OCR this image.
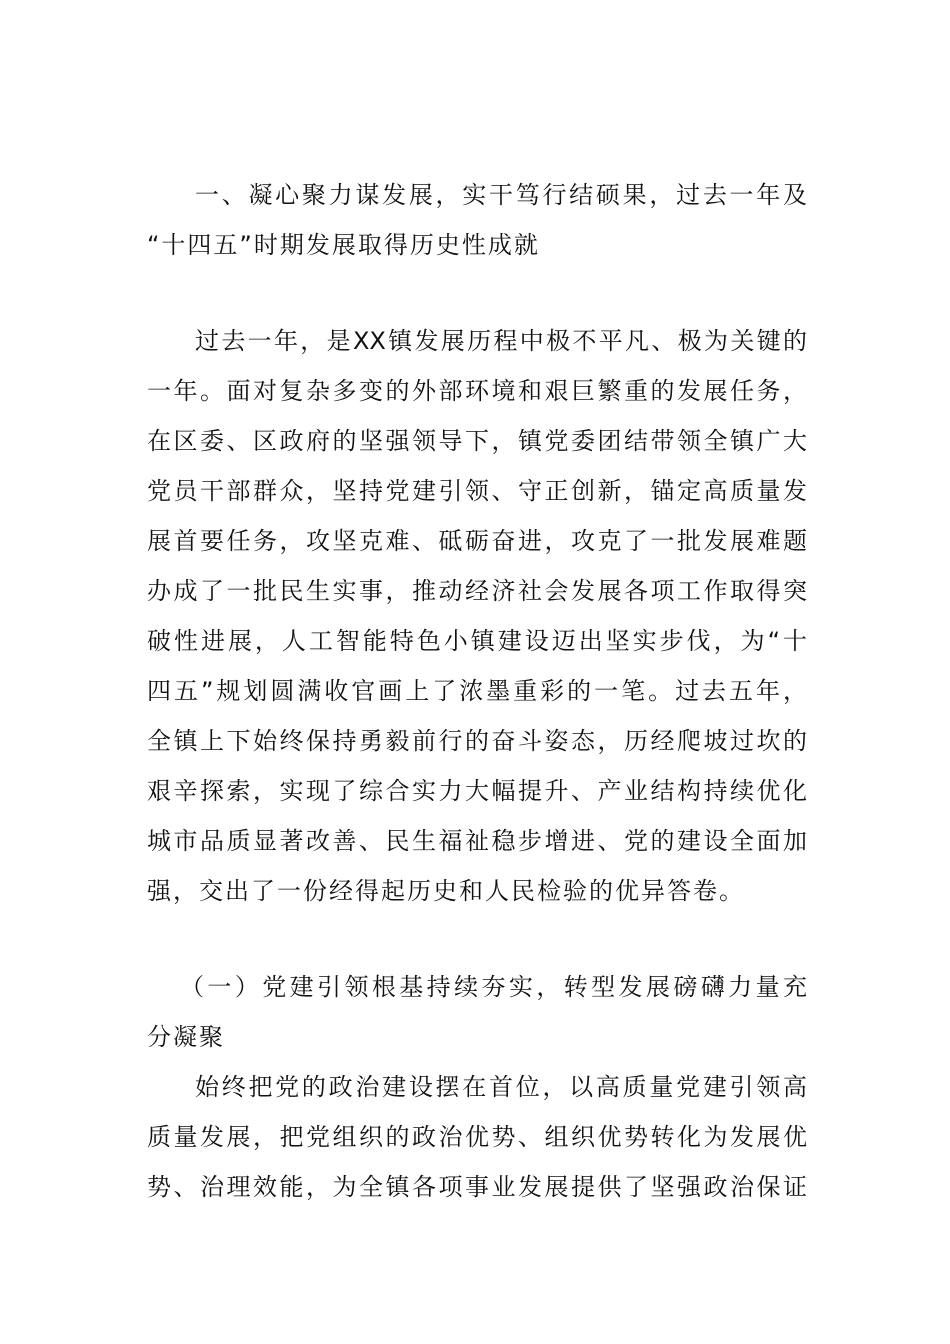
一、凝心聚力谋发展，实干笃行结硕果，过去一年及
“十四五”时期发展取得历史性成就
过去一年，是XX镇发展历程中极不平凡、极为关键的
一年。面对复杂多变的外部环境和艰巨繁重的发展任务，
在区委、区政府的坚强领导下，镇党委团结带领全镇广大
党员干部群众，坚持党建引领、守正创新，锚定高质量发
展首要任务，攻坚克难、砥砺奋进，攻克了一批发展难题
办成了一批民生实事，推动经济社会发展各项工作取得突
破性进展，人工智能特色小镇建设迈出坚实步伐，为“十
四五”规划圆满收官画上了浓墨重彩的一笔。过去五年，
全镇上下始终保持勇毅前行的奋斗姿态，历经爬坡过坎的
艰辛探索，实现了综合实力大幅提升、产业结构持续优化
城市品质显著改善、民生福祉稳步增进、党的建设全面加
强，交出了一份经得起历史和人民检验的优异答卷。
（一）党建引领根基持续夯实，转型发展磅礴力量充
分凝聚
始终把党的政治建设摆在首位，以高质量党建引领高
质量发展，把党组织的政治优势、组织优势转化为发展优
势、治理效能，为全镇各项事业发展提供了坚强政治保证
